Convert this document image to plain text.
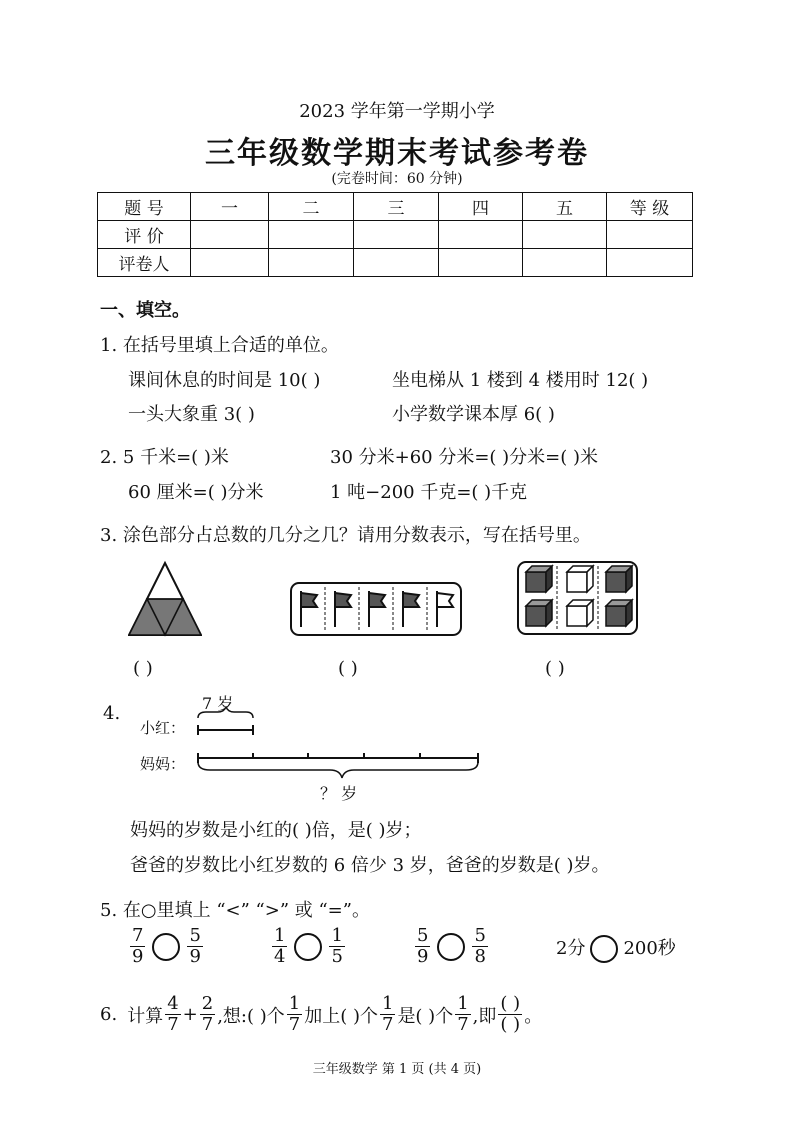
2023 学年第一学期小学
三年级数学期末考试参考卷
(完卷时间：60 分钟)
题 号	一	二	三	四	五	等 级
评 价						
评卷人						
一、填空。
1. 在括号里填上合适的单位。
课间休息的时间是 10( )	坐电梯从 1 楼到 4 楼用时 12( )
一头大象重 3( )	小学数学课本厚 6( )
2. 5 千米=( )米	30 分米+60 分米=( )分米=( )米
60 厘米=( )分米	1 吨−200 千克=( )千克
3. 涂色部分占总数的几分之几？请用分数表示，写在括号里。
( )	( )	( )
4.	7 岁
小红：
妈妈：
？ 岁
妈妈的岁数是小红的( )倍，是( )岁；
爸爸的岁数比小红岁数的 6 倍少 3 岁，爸爸的岁数是( )岁。
5. 在○里填上 “<” “>” 或 “=”。
$\frac{7}{9} \frac{5}{9}$	$\frac{1}{4} \frac{1}{5}$	$\frac{5}{9} \frac{5}{8}$	2分 200秒
6. 计算 $\frac{4}{7} + \frac{2}{7}$ ,想:( )个 $\frac{1}{7}$ 加上( )个 $\frac{1}{7}$ 是( )个 $\frac{1}{7}$ ,即 $\frac{( )}{( )}$ 。
三年级数学 第 1 页 (共 4 页)
